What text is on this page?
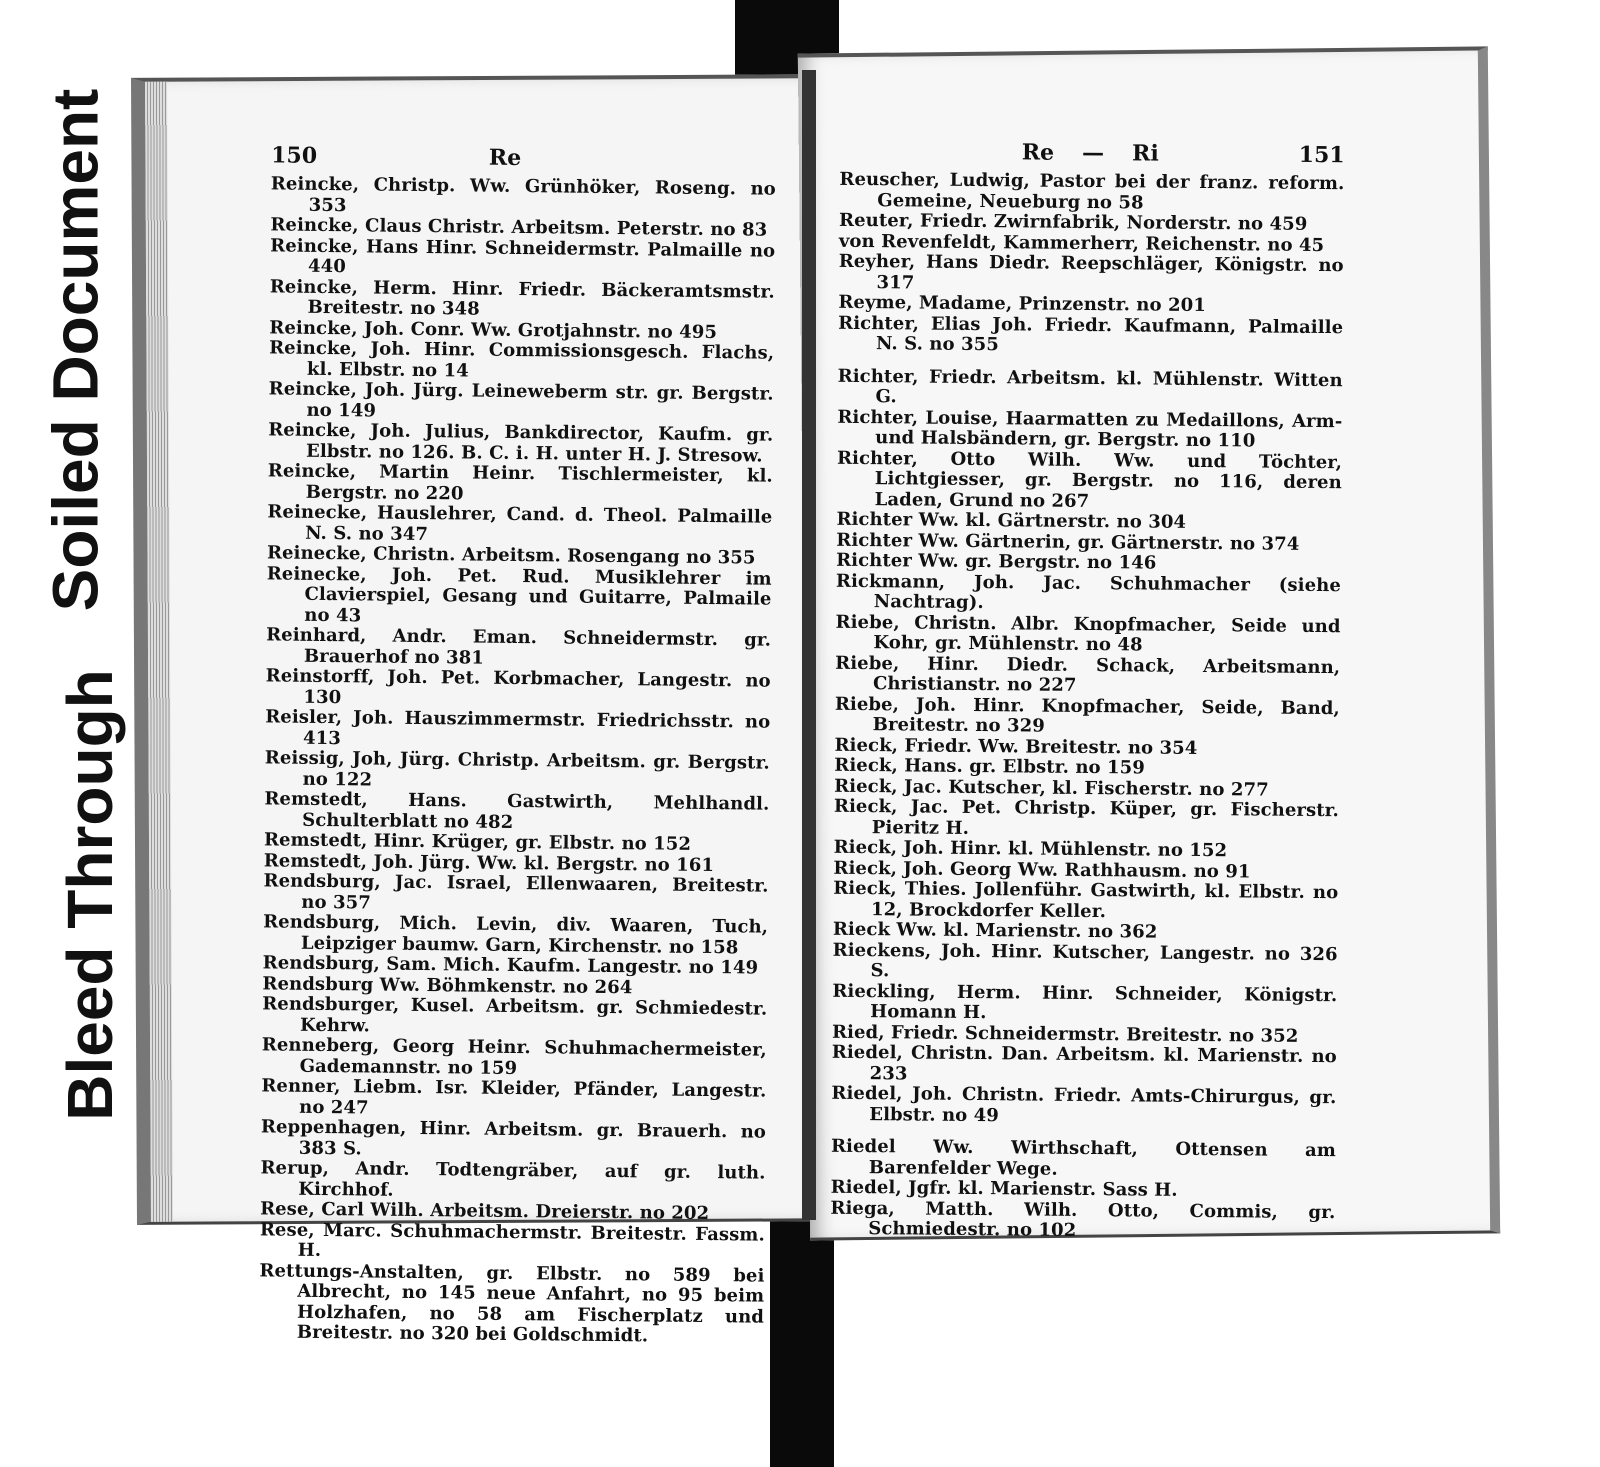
Soiled Document
Bleed Through
150	Re
Reincke, Christp. Ww. Grünhöker, Roseng. no 353
Reincke, Claus Christr. Arbeitsm. Peterstr. no 83
Reincke, Hans Hinr. Schneidermstr. Palmaille no 440
Reincke, Herm. Hinr. Friedr. Bäckeramtsmstr. Breitestr. no 348
Reincke, Joh. Conr. Ww. Grotjahnstr. no 495
Reincke, Joh. Hinr. Commissionsgesch. Flachs, kl. Elbstr. no 14
Reincke, Joh. Jürg. Leineweberm str. gr. Bergstr. no 149
Reincke, Joh. Julius, Bankdirector, Kaufm. gr. Elbstr. no 126. B. C. i. H. unter H. J. Stresow.
Reincke, Martin Heinr. Tischlermeister, kl. Bergstr. no 220
Reinecke, Hauslehrer, Cand. d. Theol. Palmaille N. S. no 347
Reinecke, Christn. Arbeitsm. Rosengang no 355
Reinecke, Joh. Pet. Rud. Musiklehrer im Clavierspiel, Gesang und Guitarre, Palmaile no 43
Reinhard, Andr. Eman. Schneidermstr. gr. Brauerhof no 381
Reinstorff, Joh. Pet. Korbmacher, Langestr. no 130
Reisler, Joh. Hauszimmermstr. Friedrichsstr. no 413
Reissig, Joh, Jürg. Christp. Arbeitsm. gr. Bergstr. no 122
Remstedt, Hans. Gastwirth, Mehlhandl. Schulterblatt no 482
Remstedt, Hinr. Krüger, gr. Elbstr. no 152
Remstedt, Joh. Jürg. Ww. kl. Bergstr. no 161
Rendsburg, Jac. Israel, Ellenwaaren, Breitestr. no 357
Rendsburg, Mich. Levin, div. Waaren, Tuch, Leipziger baumw. Garn, Kirchenstr. no 158
Rendsburg, Sam. Mich. Kaufm. Langestr. no 149
Rendsburg Ww. Böhmkenstr. no 264
Rendsburger, Kusel. Arbeitsm. gr. Schmiedestr. Kehrw.
Renneberg, Georg Heinr. Schuhmachermeister, Gademannstr. no 159
Renner, Liebm. Isr. Kleider, Pfänder, Langestr. no 247
Reppenhagen, Hinr. Arbeitsm. gr. Brauerh. no 383 S.
Rerup, Andr. Todtengräber, auf gr. luth. Kirchhof.
Rese, Carl Wilh. Arbeitsm. Dreierstr. no 202
Rese, Marc. Schuhmachermstr. Breitestr. Fassm. H.
Rettungs-Anstalten, gr. Elbstr. no 589 bei Albrecht, no 145 neue Anfahrt, no 95 beim Holzhafen, no 58 am Fischerplatz und Breitestr. no 320 bei Goldschmidt.
Re — Ri	151
Reuscher, Ludwig, Pastor bei der franz. reform. Gemeine, Neueburg no 58
Reuter, Friedr. Zwirnfabrik, Norderstr. no 459
von Revenfeldt, Kammerherr, Reichenstr. no 45
Reyher, Hans Diedr. Reepschläger, Königstr. no 317
Reyme, Madame, Prinzenstr. no 201
Richter, Elias Joh. Friedr. Kaufmann, Palmaille N. S. no 355
Richter, Friedr. Arbeitsm. kl. Mühlenstr. Witten G.
Richter, Louise, Haarmatten zu Medaillons, Arm- und Halsbändern, gr. Bergstr. no 110
Richter, Otto Wilh. Ww. und Töchter, Lichtgiesser, gr. Bergstr. no 116, deren Laden, Grund no 267
Richter Ww. kl. Gärtnerstr. no 304
Richter Ww. Gärtnerin, gr. Gärtnerstr. no 374
Richter Ww. gr. Bergstr. no 146
Rickmann, Joh. Jac. Schuhmacher (siehe Nachtrag).
Riebe, Christn. Albr. Knopfmacher, Seide und Kohr, gr. Mühlenstr. no 48
Riebe, Hinr. Diedr. Schack, Arbeitsmann, Christianstr. no 227
Riebe, Joh. Hinr. Knopfmacher, Seide, Band, Breitestr. no 329
Rieck, Friedr. Ww. Breitestr. no 354
Rieck, Hans. gr. Elbstr. no 159
Rieck, Jac. Kutscher, kl. Fischerstr. no 277
Rieck, Jac. Pet. Christp. Küper, gr. Fischerstr. Pieritz H.
Rieck, Joh. Hinr. kl. Mühlenstr. no 152
Rieck, Joh. Georg Ww. Rathhausm. no 91
Rieck, Thies. Jollenführ. Gastwirth, kl. Elbstr. no 12, Brockdorfer Keller.
Rieck Ww. kl. Marienstr. no 362
Rieckens, Joh. Hinr. Kutscher, Langestr. no 326 S.
Rieckling, Herm. Hinr. Schneider, Königstr. Homann H.
Ried, Friedr. Schneidermstr. Breitestr. no 352
Riedel, Christn. Dan. Arbeitsm. kl. Marienstr. no 233
Riedel, Joh. Christn. Friedr. Amts-Chirurgus, gr. Elbstr. no 49
Riedel Ww. Wirthschaft, Ottensen am Barenfelder Wege.
Riedel, Jgfr. kl. Marienstr. Sass H.
Riega, Matth. Wilh. Otto, Commis, gr. Schmiedestr. no 102
